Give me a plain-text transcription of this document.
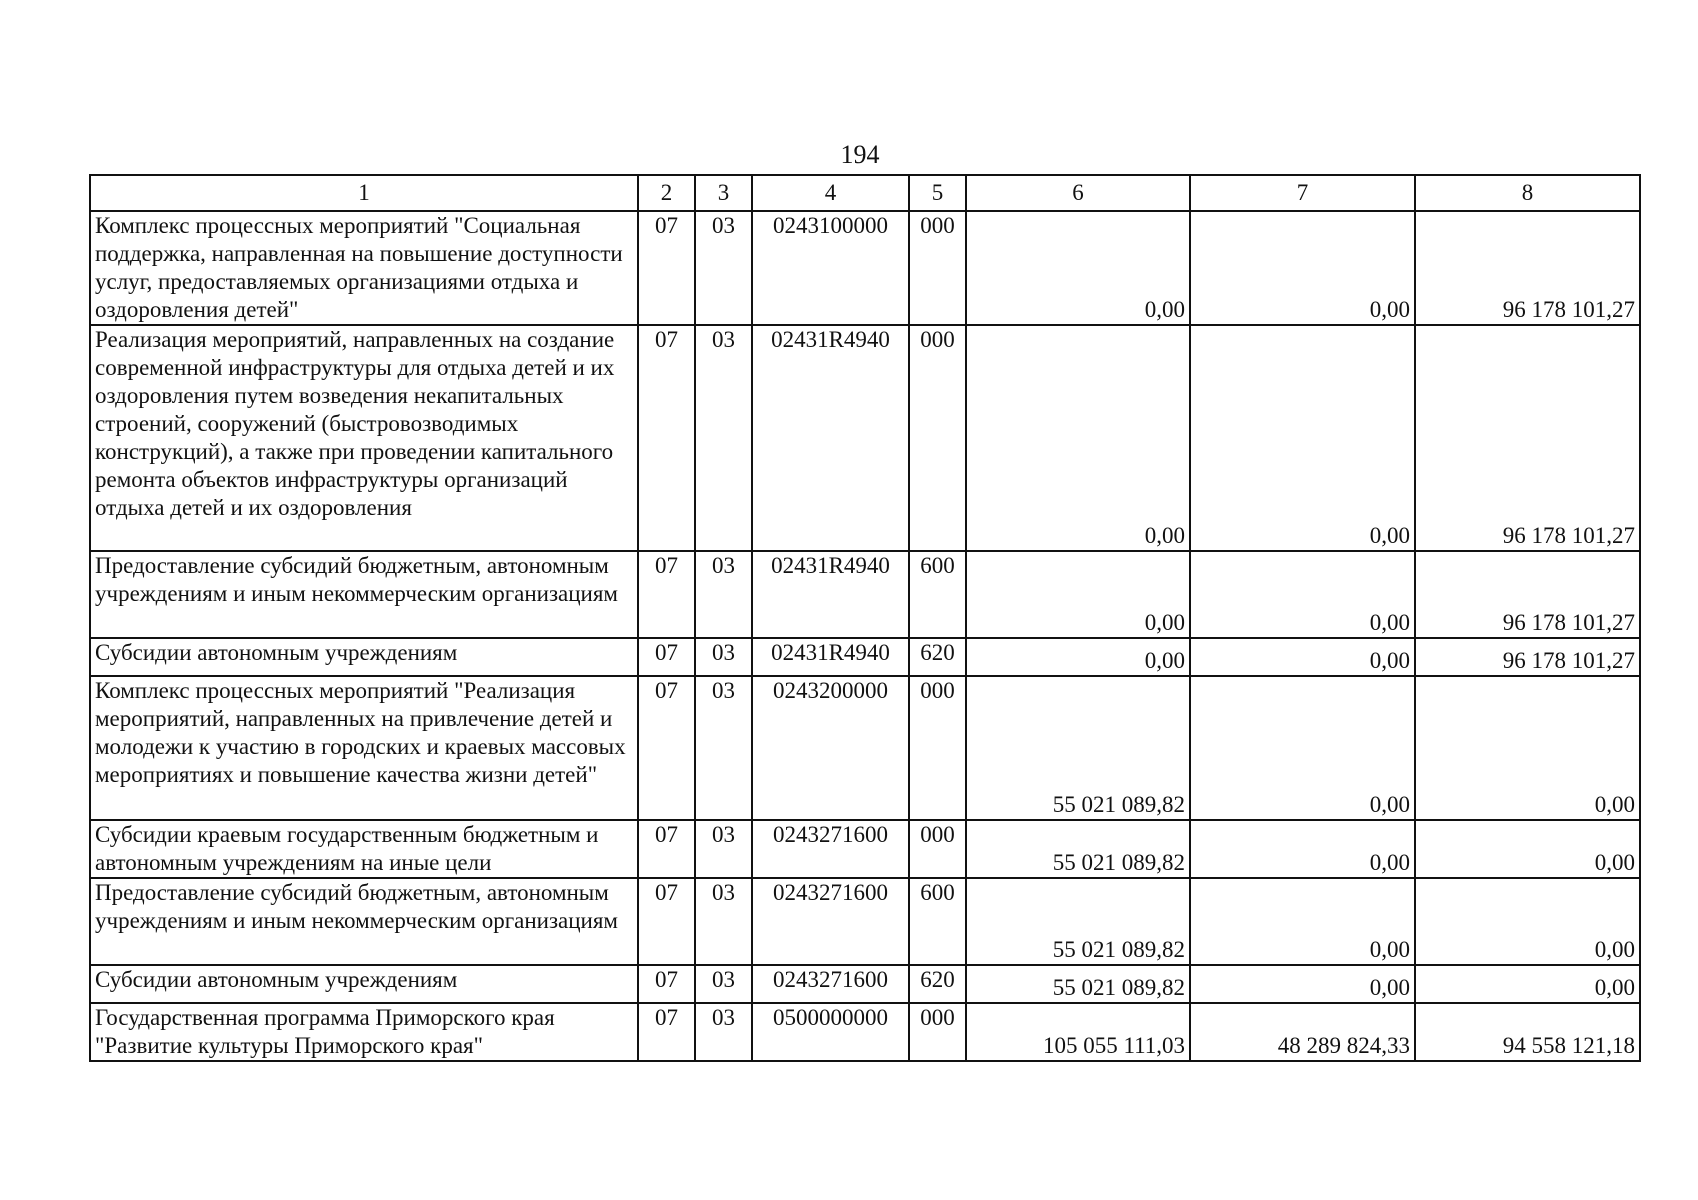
194
1	2	3	4	5	6	7	8
Комплекс процессных мероприятий "Социальная поддержка, направленная на повышение доступности услуг, предоставляемых организациями отдыха и оздоровления детей"	07	03	0243100000	000	0,00	0,00	96 178 101,27
Реализация мероприятий, направленных на создание современной инфраструктуры для отдыха детей и их оздоровления путем возведения некапитальных строений, сооружений (быстровозводимых конструкций), а также при проведении капитального ремонта объектов инфраструктуры организаций отдыха детей и их оздоровления	07	03	02431R4940	000	0,00	0,00	96 178 101,27
Предоставление субсидий бюджетным, автономным учреждениям и иным некоммерческим организациям	07	03	02431R4940	600	0,00	0,00	96 178 101,27
Субсидии автономным учреждениям	07	03	02431R4940	620	0,00	0,00	96 178 101,27
Комплекс процессных мероприятий "Реализация мероприятий, направленных на привлечение детей и молодежи к участию в городских и краевых массовых мероприятиях и повышение качества жизни детей"	07	03	0243200000	000	55 021 089,82	0,00	0,00
Субсидии краевым государственным бюджетным и автономным учреждениям на иные цели	07	03	0243271600	000	55 021 089,82	0,00	0,00
Предоставление субсидий бюджетным, автономным учреждениям и иным некоммерческим организациям	07	03	0243271600	600	55 021 089,82	0,00	0,00
Субсидии автономным учреждениям	07	03	0243271600	620	55 021 089,82	0,00	0,00
Государственная программа Приморского края "Развитие культуры Приморского края"	07	03	0500000000	000	105 055 111,03	48 289 824,33	94 558 121,18
